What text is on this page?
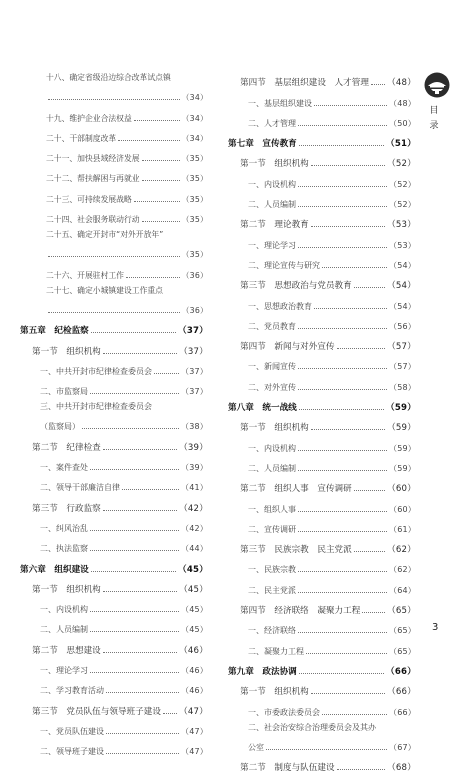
十八、确定省级沿边综合改革试点镇
（34）
十九、维护企业合法权益	（34）
二十、干部制度改革	（34）
二十一、加快县域经济发展	（35）
二十二、帮扶解困与再就业	（35）
二十三、可持续发展战略	（35）
二十四、社会服务联动行动	（35）
二十五、确定开封市“对外开放年”
（35）
二十六、开展驻村工作	（36）
二十七、确定小城镇建设工作重点
（36）
第五章　纪检监察	（37）
第一节　组织机构	（37）
一、中共开封市纪律检查委员会	（37）
二、市监察局	（37）
三、中共开封市纪律检查委员会
（监察局）	（38）
第二节　纪律检查	（39）
一、案件查处	（39）
二、领导干部廉洁自律	（41）
第三节　行政监察	（42）
一、纠风治乱	（42）
二、执法监察	（44）
第六章　组织建设	（45）
第一节　组织机构	（45）
一、内设机构	（45）
二、人员编制	（45）
第二节　思想建设	（46）
一、理论学习	（46）
二、学习教育活动	（46）
第三节　党员队伍与领导班子建设 （47）
一、党员队伍建设	（47）
二、领导班子建设	（47）
第四节　基层组织建设　人才管理 （48）
一、基层组织建设	（48）
二、人才管理	（50）
第七章　宣传教育	（51）
第一节　组织机构	（52）
一、内设机构	（52）
二、人员编制	（52）
第二节　理论教育	（53）
一、理论学习	（53）
二、理论宣传与研究	（54）
第三节　思想政治与党员教育	（54）
一、思想政治教育	（54）
二、党员教育	（56）
第四节　新闻与对外宣传	（57）
一、新闻宣传	（57）
二、对外宣传	（58）
第八章　统一战线	（59）
第一节　组织机构	（59）
一、内设机构	（59）
二、人员编制	（59）
第二节　组织人事　宣传调研	（60）
一、组织人事	（60）
二、宣传调研	（61）
第三节　民族宗教　民主党派	（62）
一、民族宗教	（62）
二、民主党派	（64）
第四节　经济联络　凝聚力工程	（65）
一、经济联络	（65）
二、凝聚力工程	（65）
第九章　政法协调	（66）
第一节　组织机构	（66）
一、市委政法委员会	（66）
二、社会治安综合治理委员会及其办
公室	（67）
第二节　制度与队伍建设	（68）
目
录
3
